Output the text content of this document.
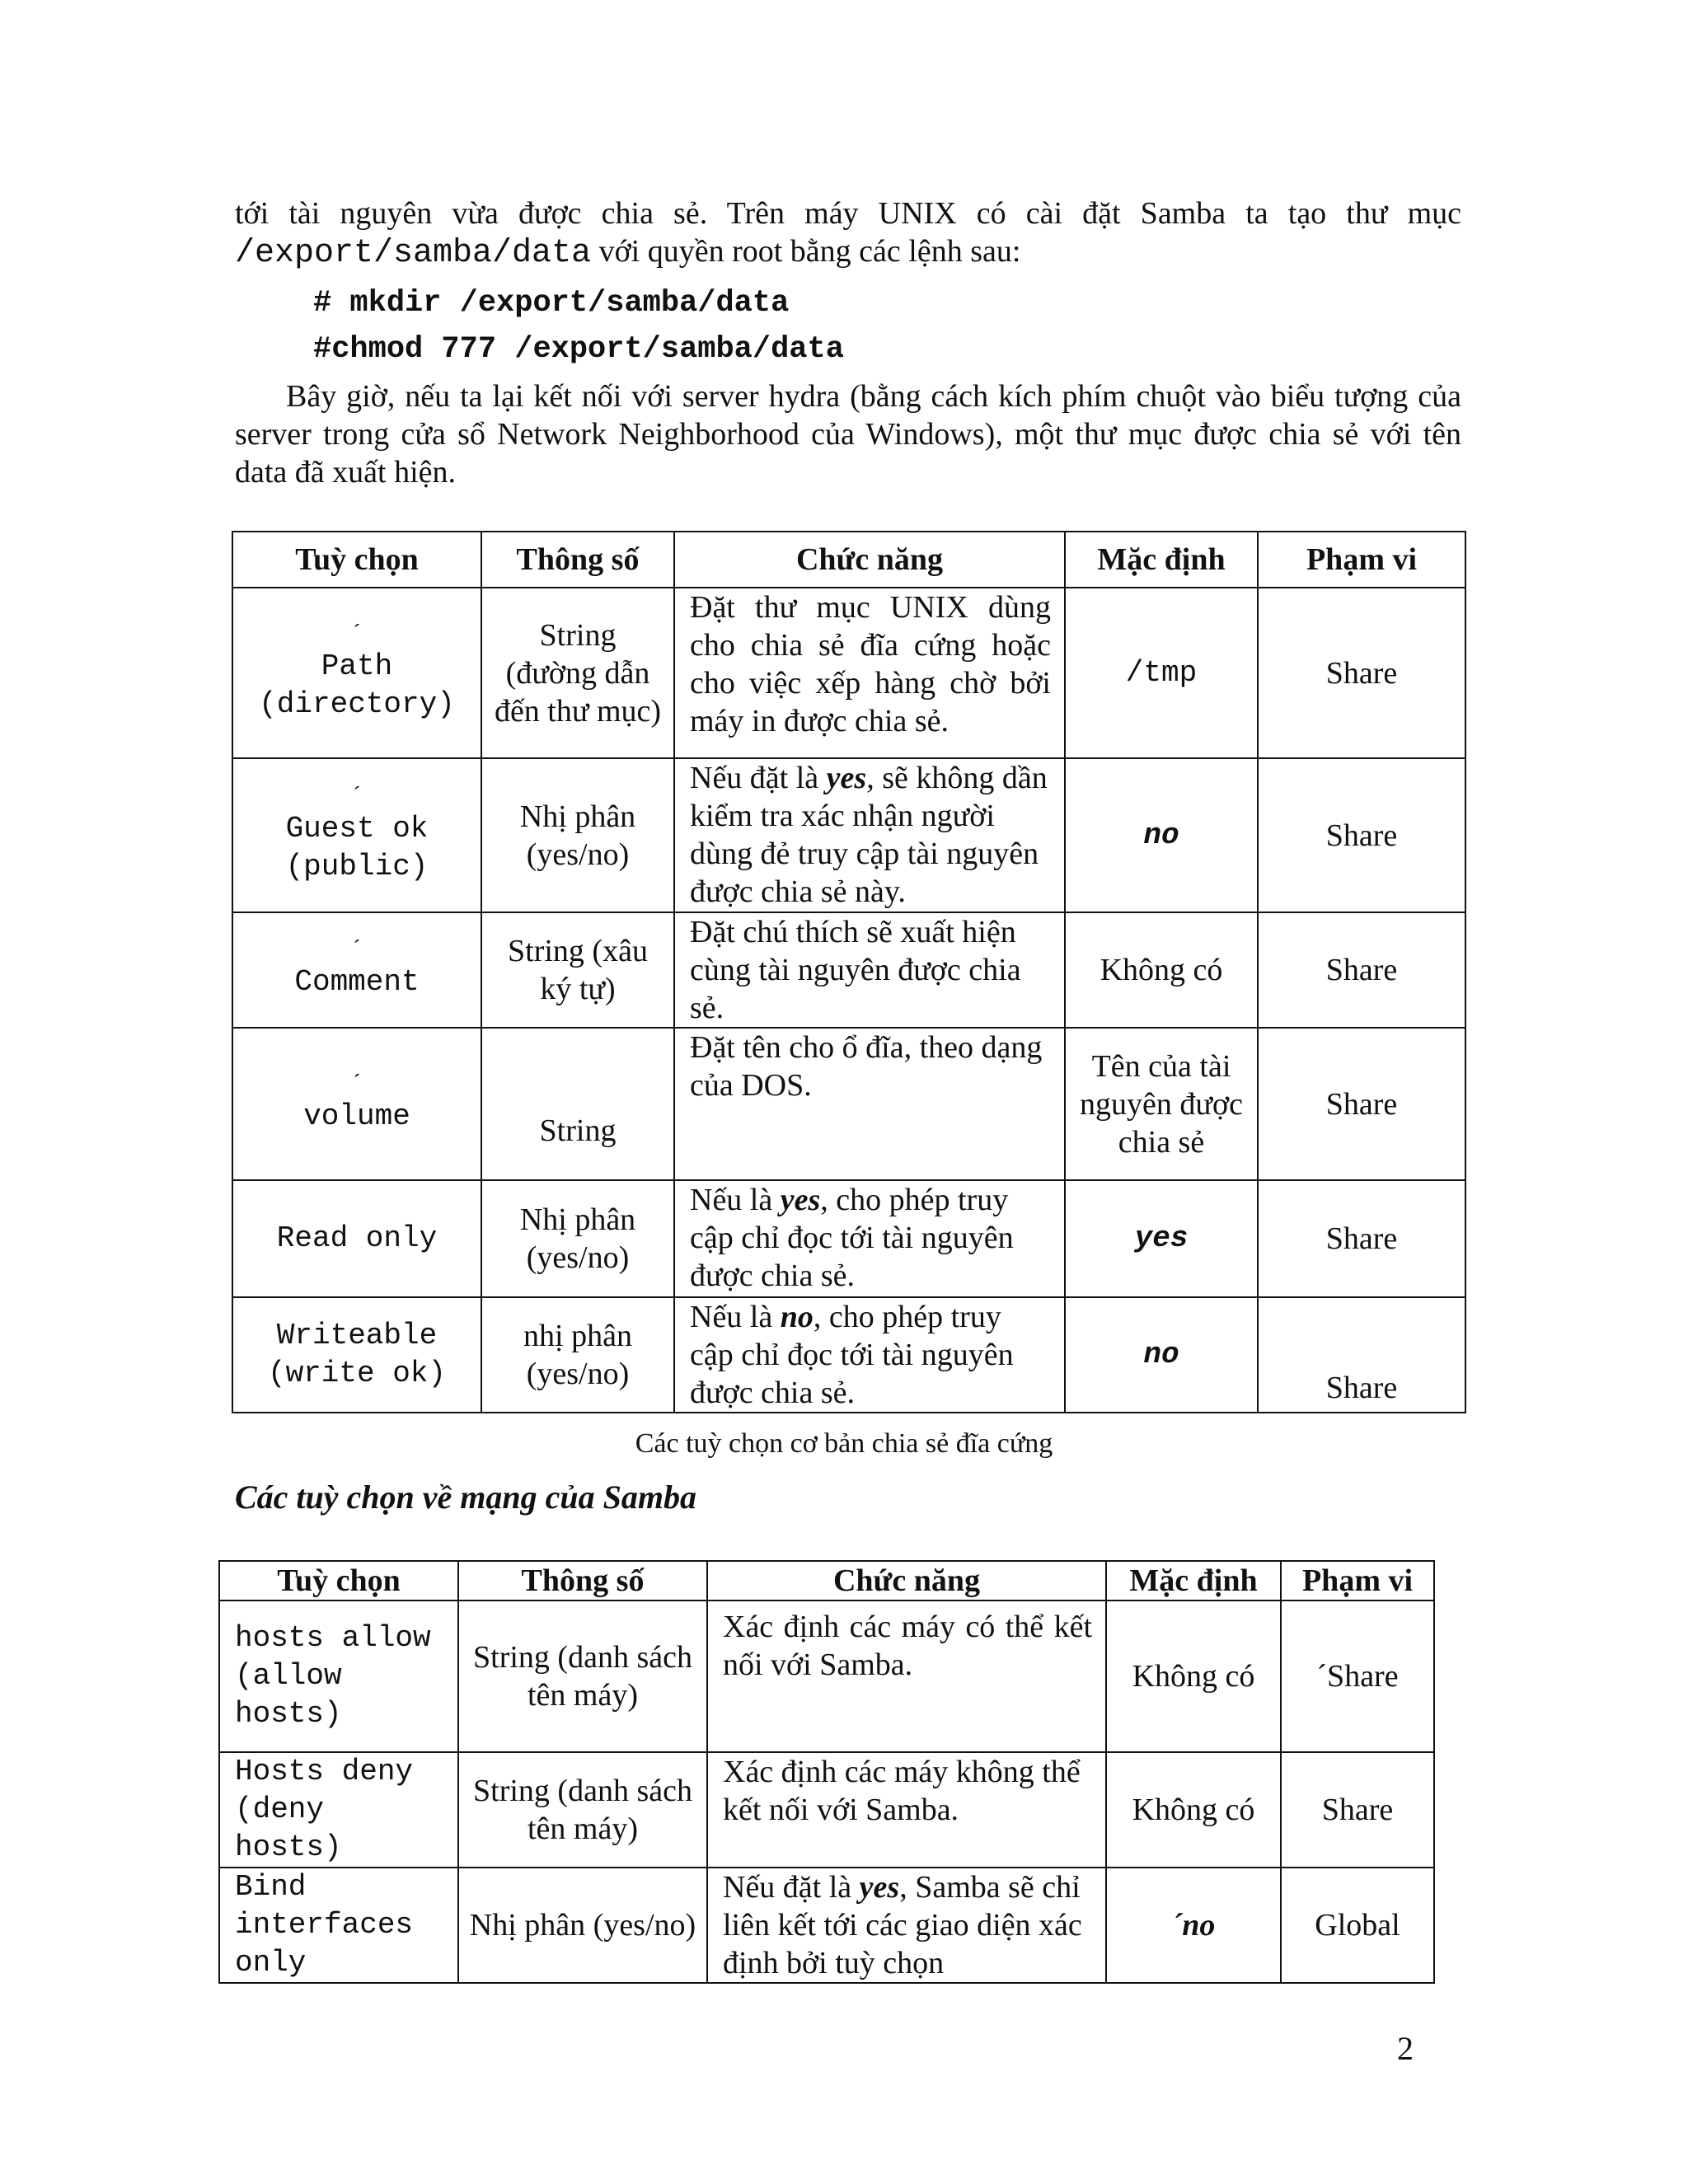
tới tài nguyên vừa được chia sẻ. Trên máy UNIX có cài đặt Samba ta tạo thư mục
/export/samba/data với quyền root bằng các lệnh sau:
# mkdir /export/samba/data
#chmod 777 /export/samba/data
Bây giờ, nếu ta lại kết nối với server hydra (bằng cách kích phím chuột vào biểu tượng của server trong cửa sổ Network Neighborhood của Windows), một thư mục được chia sẻ với tên data đã xuất hiện.
Tuỳ chọn	Thông số	Chức năng	Mặc định	Phạm vi

´
Path (directory)	String (đường dẫn đến thư mục)	Đặt thư mục UNIX dùng cho chia sẻ đĩa cứng hoặc cho việc xếp hàng chờ bởi máy in được chia sẻ.	/tmp	Share

´
Guest ok (public)	Nhị phân (yes/no)	Nếu đặt là yes, sẽ không dần kiểm tra xác nhận người dùng đẻ truy cập tài nguyên được chia sẻ này.	no	Share

´
Comment	String (xâu ký tự)	Đặt chú thích sẽ xuất hiện cùng tài nguyên được chia sẻ.	Không có	Share

´
volume	String	Đặt tên cho ổ đĩa, theo dạng của DOS.	Tên của tài nguyên được chia sẻ	Share
Read only	Nhị phân (yes/no)	Nếu là yes, cho phép truy cập chỉ đọc tới tài nguyên được chia sẻ.	yes	Share
Writeable (write ok)	nhị phân (yes/no)	Nếu là no, cho phép truy cập chỉ đọc tới tài nguyên được chia sẻ.	no	Share
Các tuỳ chọn cơ bản chia sẻ đĩa cứng
Các tuỳ chọn về mạng của Samba
Tuỳ chọn	Thông số	Chức năng	Mặc định	Phạm vi
hosts allow (allow hosts)	String (danh sách tên máy)	Xác định các máy có thể kết nối với Samba.	Không có	´Share
Hosts deny (deny hosts)	String (danh sách tên máy)	Xác định các máy không thể kết nối với Samba.	Không có	Share
Bind interfaces only	Nhị phân (yes/no)	Nếu đặt là yes, Samba sẽ chỉ liên kết tới các giao diện xác định bởi tuỳ chọn	´no	Global
2
